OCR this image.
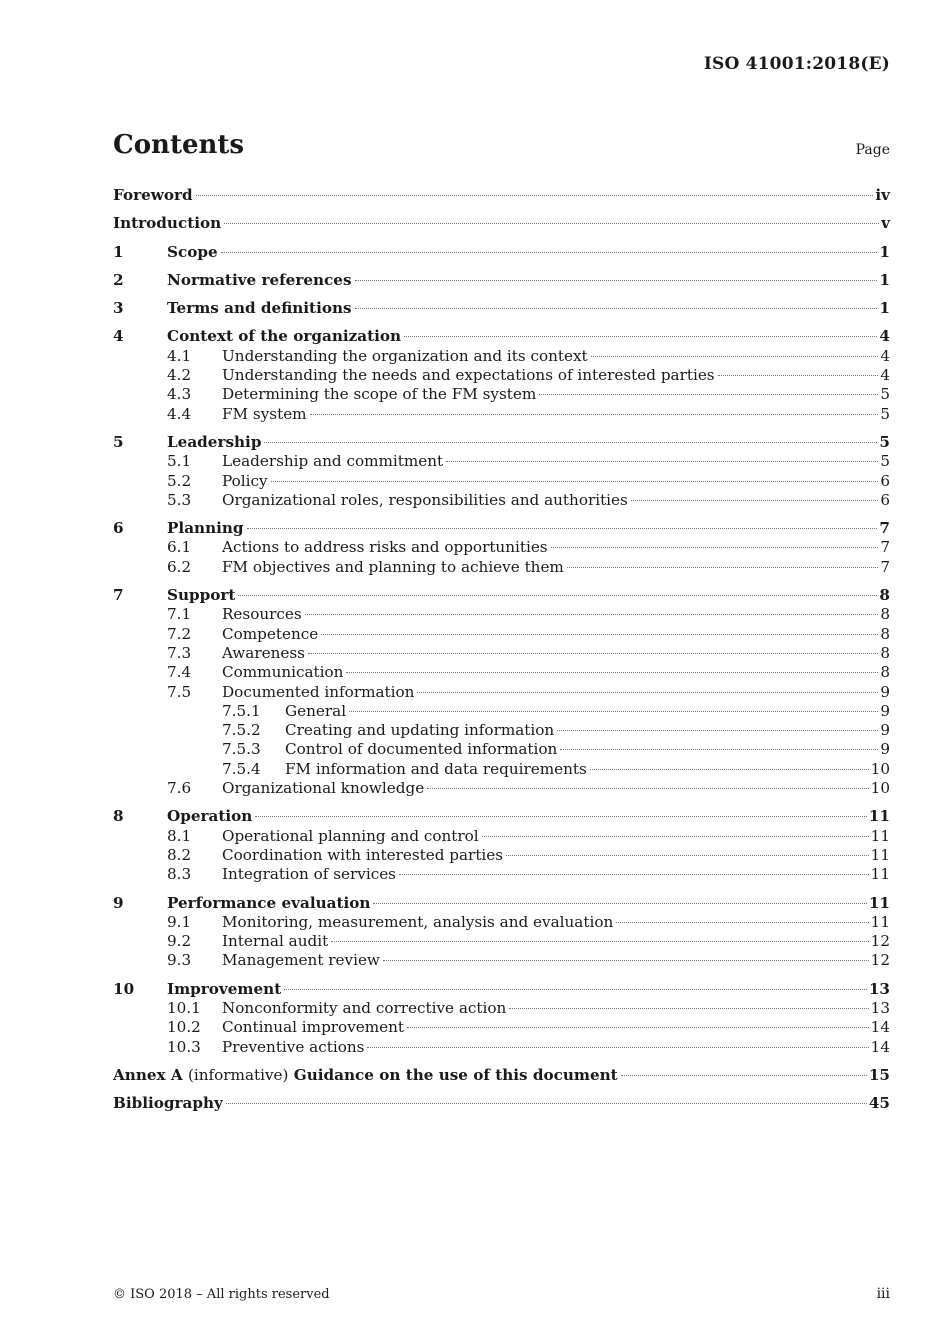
ISO 41001:2018(E)
Contents	Page
Foreword	iv
Introduction	v
1	Scope	1
2	Normative references	1
3	Terms and definitions	1
4	Context of the organization	4
4.1	Understanding the organization and its context	4
4.2	Understanding the needs and expectations of interested parties	4
4.3	Determining the scope of the FM system	5
4.4	FM system	5
5	Leadership	5
5.1	Leadership and commitment	5
5.2	Policy	6
5.3	Organizational roles, responsibilities and authorities	6
6	Planning	7
6.1	Actions to address risks and opportunities	7
6.2	FM objectives and planning to achieve them	7
7	Support	8
7.1	Resources	8
7.2	Competence	8
7.3	Awareness	8
7.4	Communication	8
7.5	Documented information	9
7.5.1	General	9
7.5.2	Creating and updating information	9
7.5.3	Control of documented information	9
7.5.4	FM information and data requirements	10
7.6	Organizational knowledge	10
8	Operation	11
8.1	Operational planning and control	11
8.2	Coordination with interested parties	11
8.3	Integration of services	11
9	Performance evaluation	11
9.1	Monitoring, measurement, analysis and evaluation	11
9.2	Internal audit	12
9.3	Management review	12
10	Improvement	13
10.1	Nonconformity and corrective action	13
10.2	Continual improvement	14
10.3	Preventive actions	14
Annex A (informative) Guidance on the use of this document	15
Bibliography	45
© ISO 2018 – All rights reserved	iii
